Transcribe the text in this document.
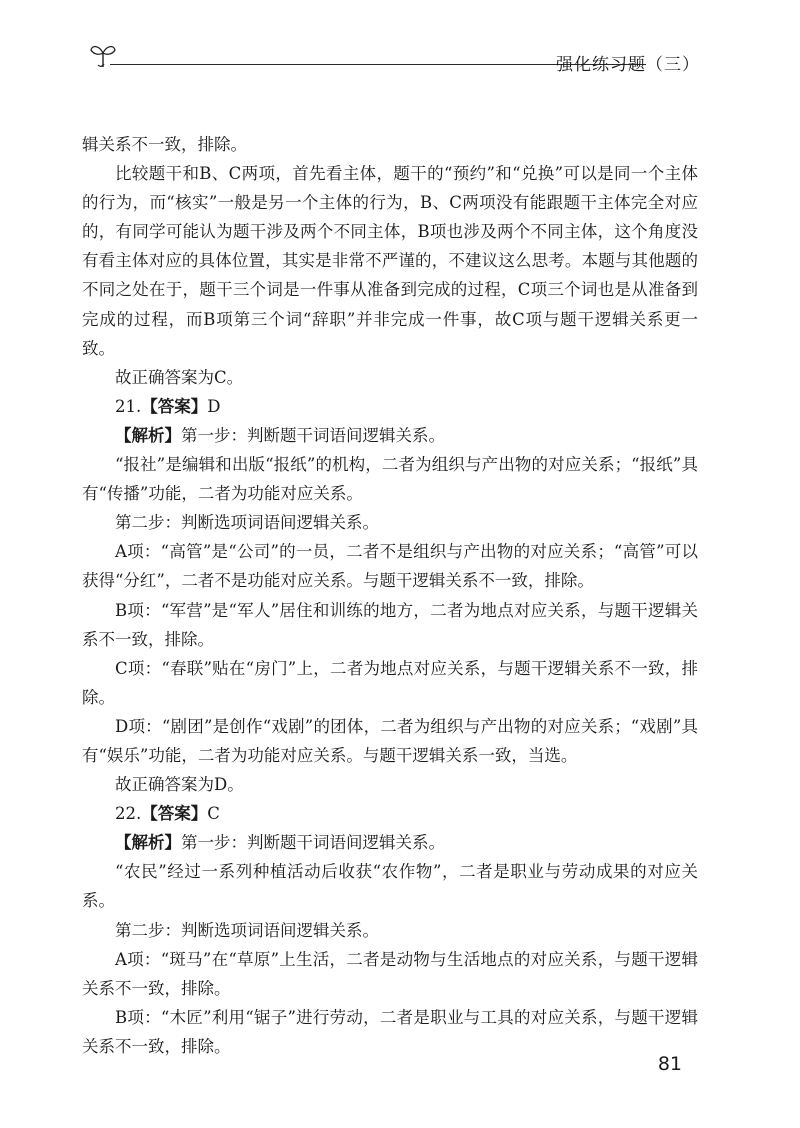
强化练习题（三）

辑关系不一致，排除。

比较题干和B、C两项，首先看主体，题干的“预约”和“兑换”可以是同一个主体的行为，而“核实”一般是另一个主体的行为，B、C两项没有能跟题干主体完全对应的，有同学可能认为题干涉及两个不同主体，B项也涉及两个不同主体，这个角度没有看主体对应的具体位置，其实是非常不严谨的，不建议这么思考。本题与其他题的不同之处在于，题干三个词是一件事从准备到完成的过程，C项三个词也是从准备到完成的过程，而B项第三个词“辞职”并非完成一件事，故C项与题干逻辑关系更一致。

故正确答案为C。

21.【答案】D

【解析】第一步：判断题干词语间逻辑关系。

“报社”是编辑和出版“报纸”的机构，二者为组织与产出物的对应关系；“报纸”具有“传播”功能，二者为功能对应关系。

第二步：判断选项词语间逻辑关系。

A项：“高管”是“公司”的一员，二者不是组织与产出物的对应关系；“高管”可以获得“分红”，二者不是功能对应关系。与题干逻辑关系不一致，排除。

B项：“军营”是“军人”居住和训练的地方，二者为地点对应关系，与题干逻辑关系不一致，排除。

C项：“春联”贴在“房门”上，二者为地点对应关系，与题干逻辑关系不一致，排除。

D项：“剧团”是创作“戏剧”的团体，二者为组织与产出物的对应关系；“戏剧”具有“娱乐”功能，二者为功能对应关系。与题干逻辑关系一致，当选。

故正确答案为D。

22.【答案】C

【解析】第一步：判断题干词语间逻辑关系。

“农民”经过一系列种植活动后收获“农作物”，二者是职业与劳动成果的对应关系。

第二步：判断选项词语间逻辑关系。

A项：“斑马”在“草原”上生活，二者是动物与生活地点的对应关系，与题干逻辑关系不一致，排除。

B项：“木匠”利用“锯子”进行劳动，二者是职业与工具的对应关系，与题干逻辑关系不一致，排除。

81
